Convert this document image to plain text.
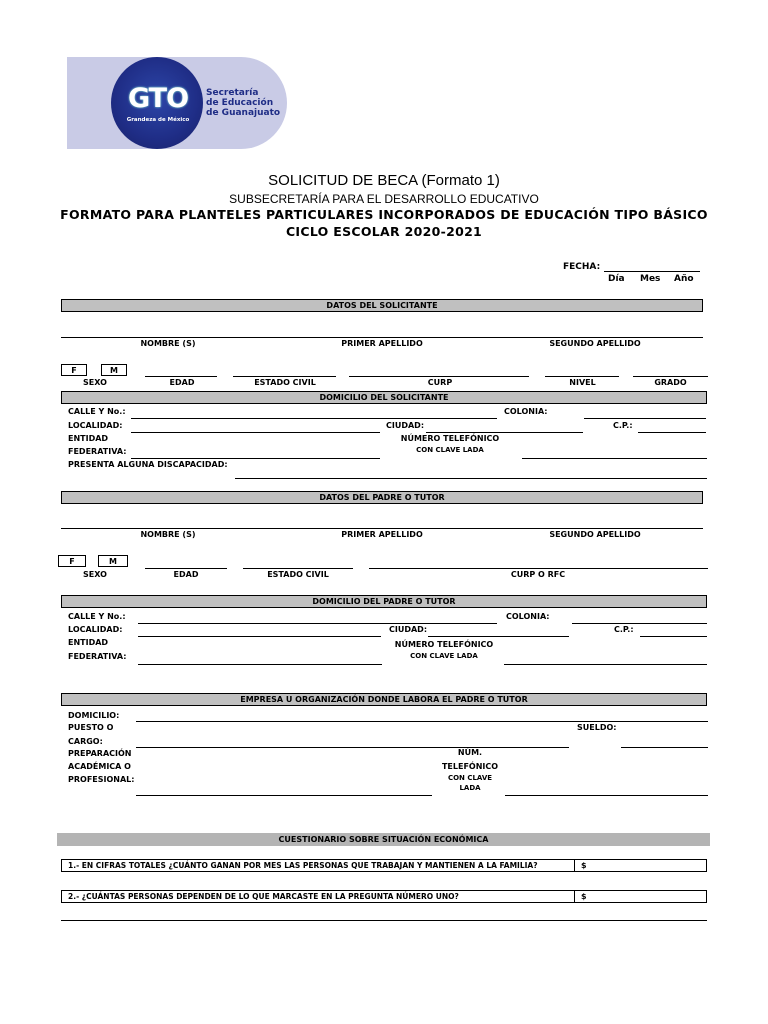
GTO
Grandeza de México
Secretaría
de Educación
de Guanajuato
SOLICITUD DE BECA (Formato 1)
SUBSECRETARÍA PARA EL DESARROLLO EDUCATIVO
FORMATO PARA PLANTELES PARTICULARES INCORPORADOS DE EDUCACIÓN TIPO BÁSICO
CICLO ESCOLAR 2020-2021
FECHA:
Día Mes Año
DATOS DEL SOLICITANTE
NOMBRE (S)	PRIMER APELLIDO	SEGUNDO APELLIDO
F	M
SEXO	EDAD	ESTADO CIVIL	CURP	NIVEL	GRADO
DOMICILIO DEL SOLICITANTE
CALLE Y No.:	COLONIA:
LOCALIDAD:	CIUDAD:	C.P.:
ENTIDAD
FEDERATIVA:
NÚMERO TELEFÓNICO
CON CLAVE LADA
PRESENTA ALGUNA DISCAPACIDAD:
DATOS DEL PADRE O TUTOR
NOMBRE (S)	PRIMER APELLIDO	SEGUNDO APELLIDO
F	M
SEXO	EDAD	ESTADO CIVIL	CURP O RFC
DOMICILIO DEL PADRE O TUTOR
CALLE Y No.:	COLONIA:
LOCALIDAD:	CIUDAD:	C.P.:
ENTIDAD
FEDERATIVA:
NÚMERO TELEFÓNICO
CON CLAVE LADA
EMPRESA U ORGANIZACIÓN DONDE LABORA EL PADRE O TUTOR
DOMICILIO:
PUESTO O
CARGO:
SUELDO:
PREPARACIÓN
ACADÉMICA O
PROFESIONAL:
NÚM.
TELEFÓNICO
CON CLAVE
LADA
CUESTIONARIO SOBRE SITUACIÓN ECONÓMICA
1.- EN CIFRAS TOTALES ¿CUÁNTO GANAN POR MES LAS PERSONAS QUE TRABAJAN Y MANTIENEN A LA FAMILIA?	$
2.- ¿CUÁNTAS PERSONAS DEPENDEN DE LO QUE MARCASTE EN LA PREGUNTA NÚMERO UNO?	$
